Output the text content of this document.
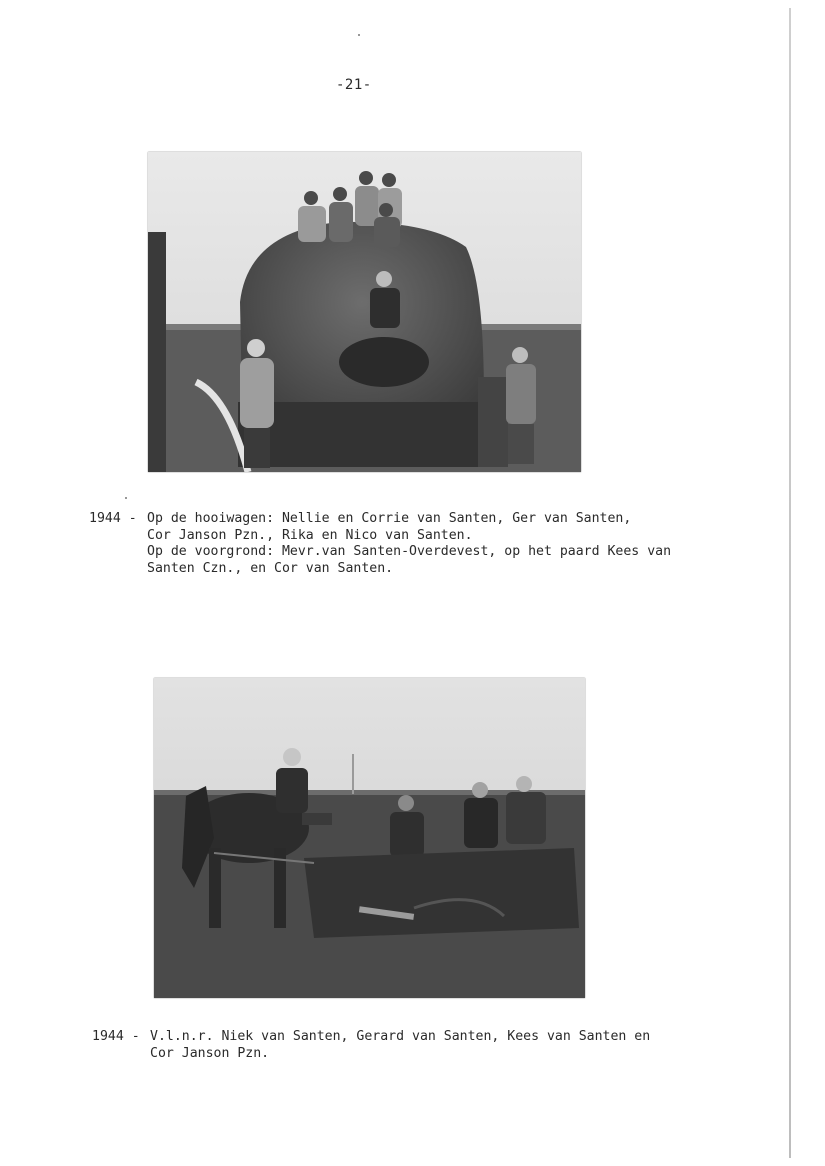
-21-
1944 - Op de hooiwagen: Nellie en Corrie van Santen, Ger van Santen,

Cor Janson Pzn., Rika en Nico van Santen.
Op de voorgrond: Mevr.van Santen-Overdevest, op het paard Kees van
Santen Czn., en Cor van Santen.
1944 - V.l.n.r. Niek van Santen, Gerard van Santen, Kees van Santen en

Cor Janson Pzn.
